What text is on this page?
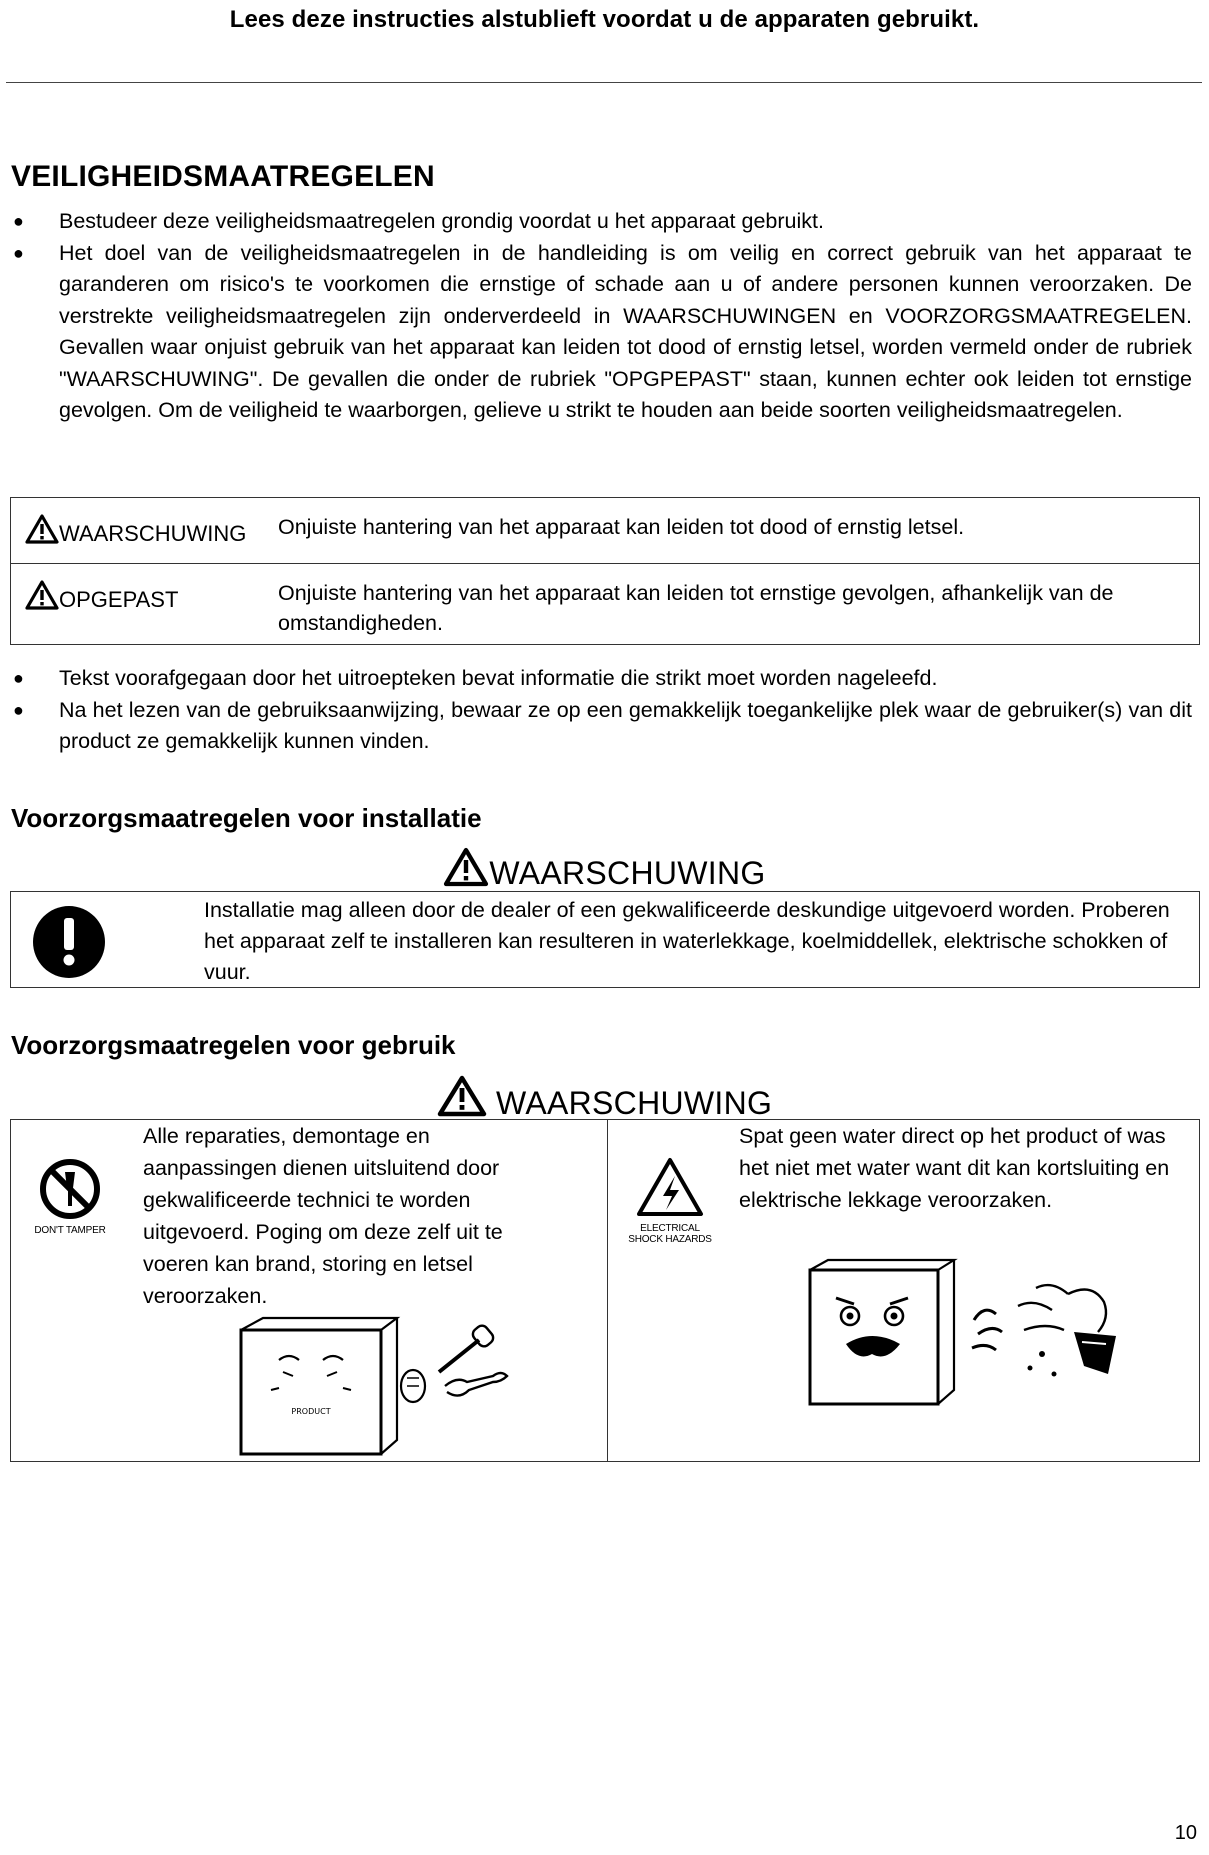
Lees deze instructies alstublieft voordat u de apparaten gebruikt.
VEILIGHEIDSMAATREGELEN
●	Bestudeer deze veiligheidsmaatregelen grondig voordat u het apparaat gebruikt.
●	Het doel van de veiligheidsmaatregelen in de handleiding is om veilig en correct gebruik van het apparaat te garanderen om risico's te voorkomen die ernstige of schade aan u of andere personen kunnen veroorzaken. De verstrekte veiligheidsmaatregelen zijn onderverdeeld in WAARSCHUWINGEN en VOORZORGSMAATREGELEN. Gevallen waar onjuist gebruik van het apparaat kan leiden tot dood of ernstig letsel, worden vermeld onder de rubriek "WAARSCHUWING". De gevallen die onder de rubriek "OPGPEPAST" staan, kunnen echter ook leiden tot ernstige gevolgen. Om de veiligheid te waarborgen, gelieve u strikt te houden aan beide soorten veiligheidsmaatregelen.
WAARSCHUWING	Onjuiste hantering van het apparaat kan leiden tot dood of ernstig letsel.
OPGEPAST	Onjuiste hantering van het apparaat kan leiden tot ernstige gevolgen, afhankelijk van de omstandigheden.
●	Tekst voorafgegaan door het uitroepteken bevat informatie die strikt moet worden nageleefd.
●	Na het lezen van de gebruiksaanwijzing, bewaar ze op een gemakkelijk toegankelijke plek waar de gebruiker(s) van dit product ze gemakkelijk kunnen vinden.
Voorzorgsmaatregelen voor installatie
WAARSCHUWING
Installatie mag alleen door de dealer of een gekwalificeerde deskundige uitgevoerd worden. Proberen het apparaat zelf te installeren kan resulteren in waterlekkage, koelmiddellek, elektrische schokken of vuur.
Voorzorgsmaatregelen voor gebruik
WAARSCHUWING
DON'T TAMPER
Alle reparaties, demontage en aanpassingen dienen uitsluitend door gekwalificeerde technici te worden uitgevoerd. Poging om deze zelf uit te voeren kan brand, storing en letsel veroorzaken.
PRODUCT
ELECTRICAL
SHOCK HAZARDS
Spat geen water direct op het product of was het niet met water want dit kan kortsluiting en elektrische lekkage veroorzaken.
10
